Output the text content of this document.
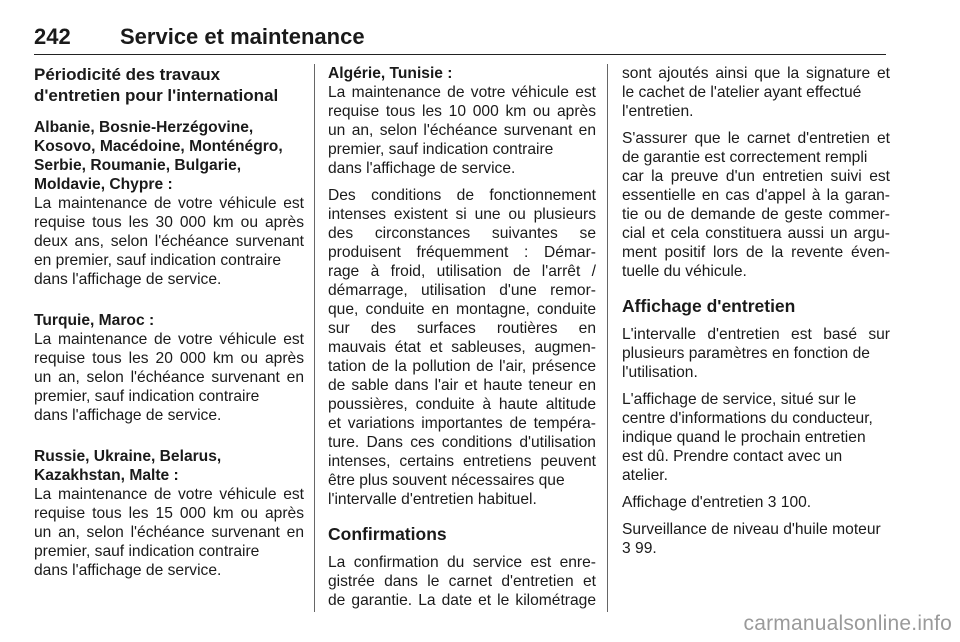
242 Service et maintenance
Périodicité des travaux
d'entretien pour l'international
Albanie, Bosnie-Herzégovine,
Kosovo, Macédoine, Monténégro,
Serbie, Roumanie, Bulgarie,
Moldavie, Chypre :
La maintenance de votre véhicule est
requise tous les 30 000 km ou après
deux ans, selon l'échéance survenant
en premier, sauf indication contraire
dans l'affichage de service.
Turquie, Maroc :
La maintenance de votre véhicule est
requise tous les 20 000 km ou après
un an, selon l'échéance survenant en
premier, sauf indication contraire
dans l'affichage de service.
Russie, Ukraine, Belarus,
Kazakhstan, Malte :
La maintenance de votre véhicule est
requise tous les 15 000 km ou après
un an, selon l'échéance survenant en
premier, sauf indication contraire
dans l'affichage de service.
Algérie, Tunisie :
La maintenance de votre véhicule est
requise tous les 10 000 km ou après
un an, selon l'échéance survenant en
premier, sauf indication contraire
dans l'affichage de service.
Des conditions de fonctionnement
intenses existent si une ou plusieurs
des circonstances suivantes se
produisent fréquemment : Démar-
rage à froid, utilisation de l'arrêt /
démarrage, utilisation d'une remor-
que, conduite en montagne, conduite
sur des surfaces routières en
mauvais état et sableuses, augmen-
tation de la pollution de l'air, présence
de sable dans l'air et haute teneur en
poussières, conduite à haute altitude
et variations importantes de tempéra-
ture. Dans ces conditions d'utilisation
intenses, certains entretiens peuvent
être plus souvent nécessaires que
l'intervalle d'entretien habituel.
Confirmations
La confirmation du service est enre-
gistrée dans le carnet d'entretien et
de garantie. La date et le kilométrage
sont ajoutés ainsi que la signature et
le cachet de l'atelier ayant effectué
l'entretien.
S'assurer que le carnet d'entretien et
de garantie est correctement rempli
car la preuve d'un entretien suivi est
essentielle en cas d'appel à la garan-
tie ou de demande de geste commer-
cial et cela constituera aussi un argu-
ment positif lors de la revente éven-
tuelle du véhicule.
Affichage d'entretien
L'intervalle d'entretien est basé sur
plusieurs paramètres en fonction de
l'utilisation.
L'affichage de service, situé sur le
centre d'informations du conducteur,
indique quand le prochain entretien
est dû. Prendre contact avec un
atelier.
Affichage d'entretien 3 100.
Surveillance de niveau d'huile moteur
3 99.
carmanualsonline.info
